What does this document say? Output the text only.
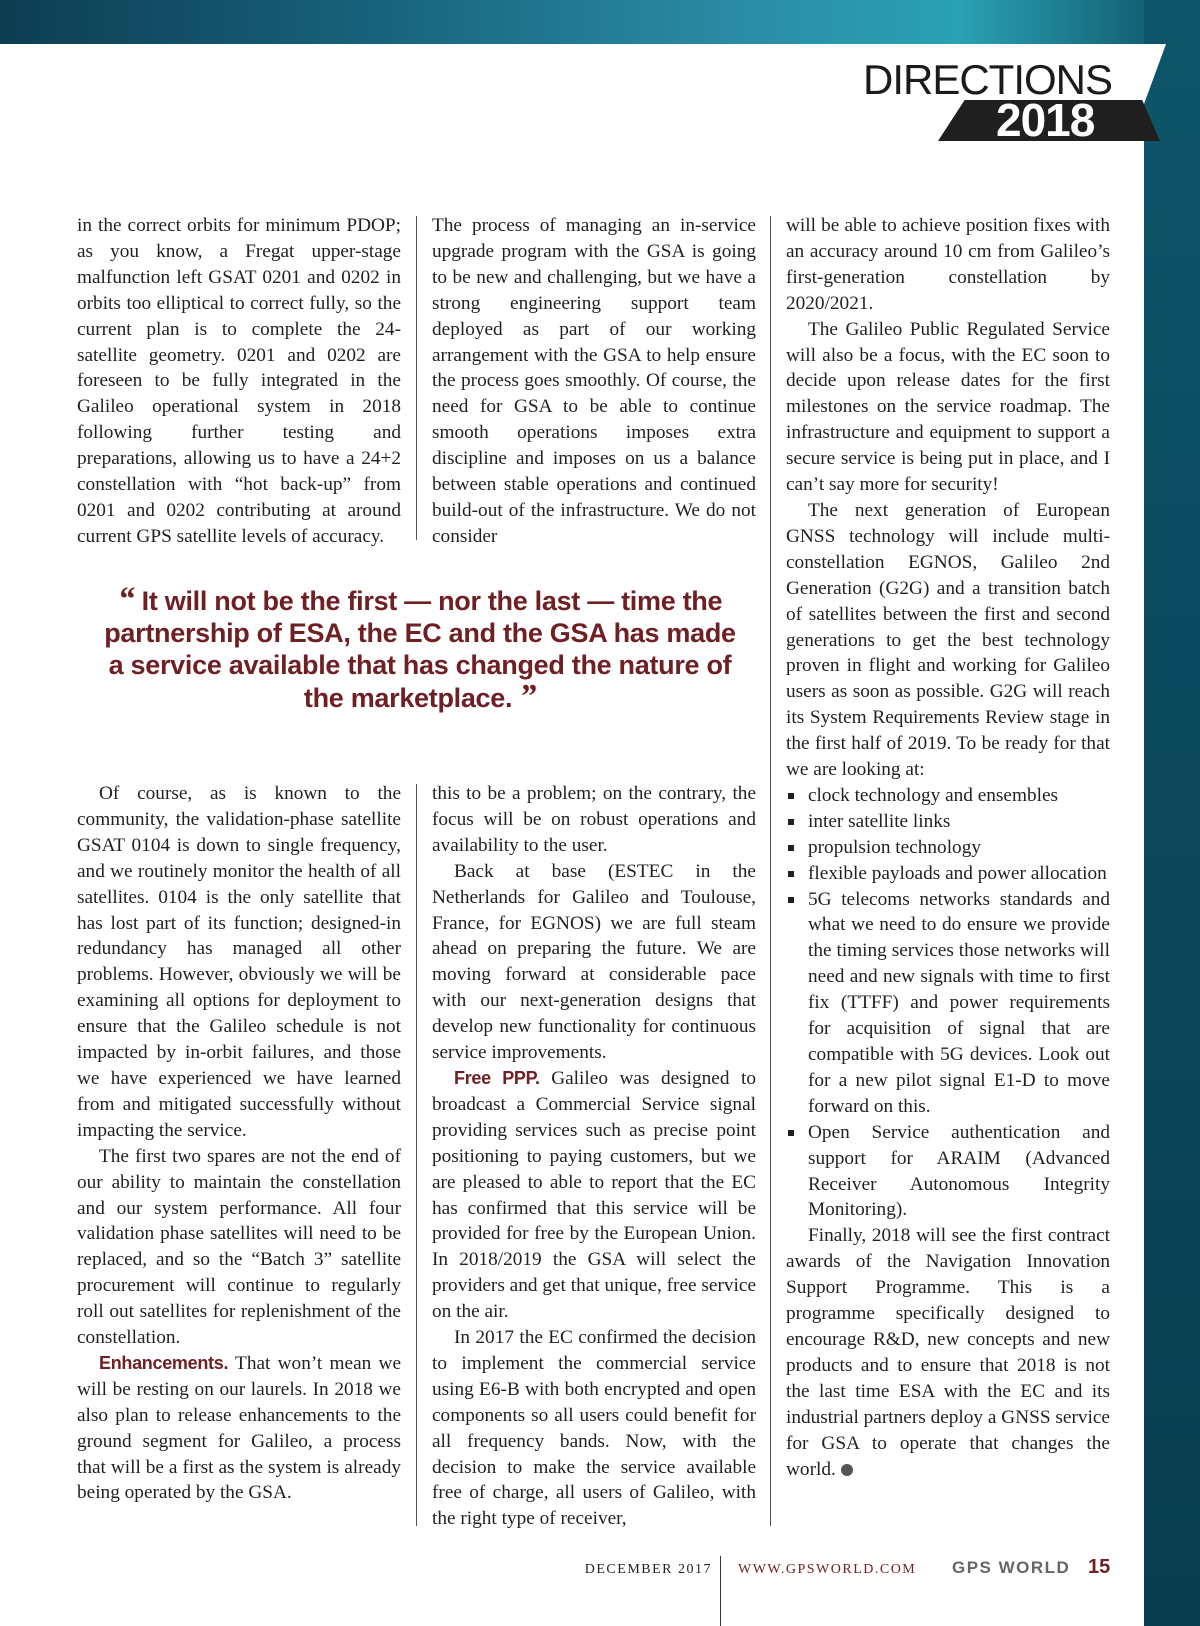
DIRECTIONS
2018

in the correct orbits for minimum PDOP; as you know, a Fregat upper-stage malfunction left GSAT 0201 and 0202 in orbits too elliptical to correct fully, so the current plan is to complete the 24-satellite geometry. 0201 and 0202 are foreseen to be fully integrated in the Galileo operational system in 2018 following further testing and preparations, allowing us to have a 24+2 constellation with “hot back-up” from 0201 and 0202 contributing at around current GPS satellite levels of accuracy.

The process of managing an in-service upgrade program with the GSA is going to be new and challenging, but we have a strong engineering support team deployed as part of our working arrangement with the GSA to help ensure the process goes smoothly. Of course, the need for GSA to be able to continue smooth operations imposes extra discipline and imposes on us a balance between stable operations and continued build-out of the infrastructure. We do not consider

“ It will not be the first — nor the last — time the partnership of ESA, the EC and the GSA has made a service available that has changed the nature of the marketplace. ”

Of course, as is known to the community, the validation-phase satellite GSAT 0104 is down to single frequency, and we routinely monitor the health of all satellites. 0104 is the only satellite that has lost part of its function; designed-in redundancy has managed all other problems. However, obviously we will be examining all options for deployment to ensure that the Galileo schedule is not impacted by in-orbit failures, and those we have experienced we have learned from and mitigated successfully without impacting the service.

The first two spares are not the end of our ability to maintain the constellation and our system performance. All four validation phase satellites will need to be replaced, and so the “Batch 3” satellite procurement will continue to regularly roll out satellites for replenishment of the constellation.

Enhancements. That won’t mean we will be resting on our laurels. In 2018 we also plan to release enhancements to the ground segment for Galileo, a process that will be a first as the system is already being operated by the GSA.

this to be a problem; on the contrary, the focus will be on robust operations and availability to the user.

Back at base (ESTEC in the Netherlands for Galileo and Toulouse, France, for EGNOS) we are full steam ahead on preparing the future. We are moving forward at considerable pace with our next-generation designs that develop new functionality for continuous service improvements.

Free PPP. Galileo was designed to broadcast a Commercial Service signal providing services such as precise point positioning to paying customers, but we are pleased to able to report that the EC has confirmed that this service will be provided for free by the European Union. In 2018/2019 the GSA will select the providers and get that unique, free service on the air.

In 2017 the EC confirmed the decision to implement the commercial service using E6-B with both encrypted and open components so all users could benefit for all frequency bands. Now, with the decision to make the service available free of charge, all users of Galileo, with the right type of receiver,

will be able to achieve position fixes with an accuracy around 10 cm from Galileo’s first-generation constellation by 2020/2021.

The Galileo Public Regulated Service will also be a focus, with the EC soon to decide upon release dates for the first milestones on the service roadmap. The infrastructure and equipment to support a secure service is being put in place, and I can’t say more for security!

The next generation of European GNSS technology will include multi-constellation EGNOS, Galileo 2nd Generation (G2G) and a transition batch of satellites between the first and second generations to get the best technology proven in flight and working for Galileo users as soon as possible. G2G will reach its System Requirements Review stage in the first half of 2019. To be ready for that we are looking at:

clock technology and ensembles
inter satellite links
propulsion technology
flexible payloads and power allocation
5G telecoms networks standards and what we need to do ensure we provide the timing services those networks will need and new signals with time to first fix (TTFF) and power requirements for acquisition of signal that are compatible with 5G devices. Look out for a new pilot signal E1-D to move forward on this.
Open Service authentication and support for ARAIM (Advanced Receiver Autonomous Integrity Monitoring).

Finally, 2018 will see the first contract awards of the Navigation Innovation Support Programme. This is a programme specifically designed to encourage R&D, new concepts and new products and to ensure that 2018 is not the last time ESA with the EC and its industrial partners deploy a GNSS service for GSA to operate that changes the world.

DECEMBER 2017 WWW.GPSWORLD.COM GPS WORLD 15
